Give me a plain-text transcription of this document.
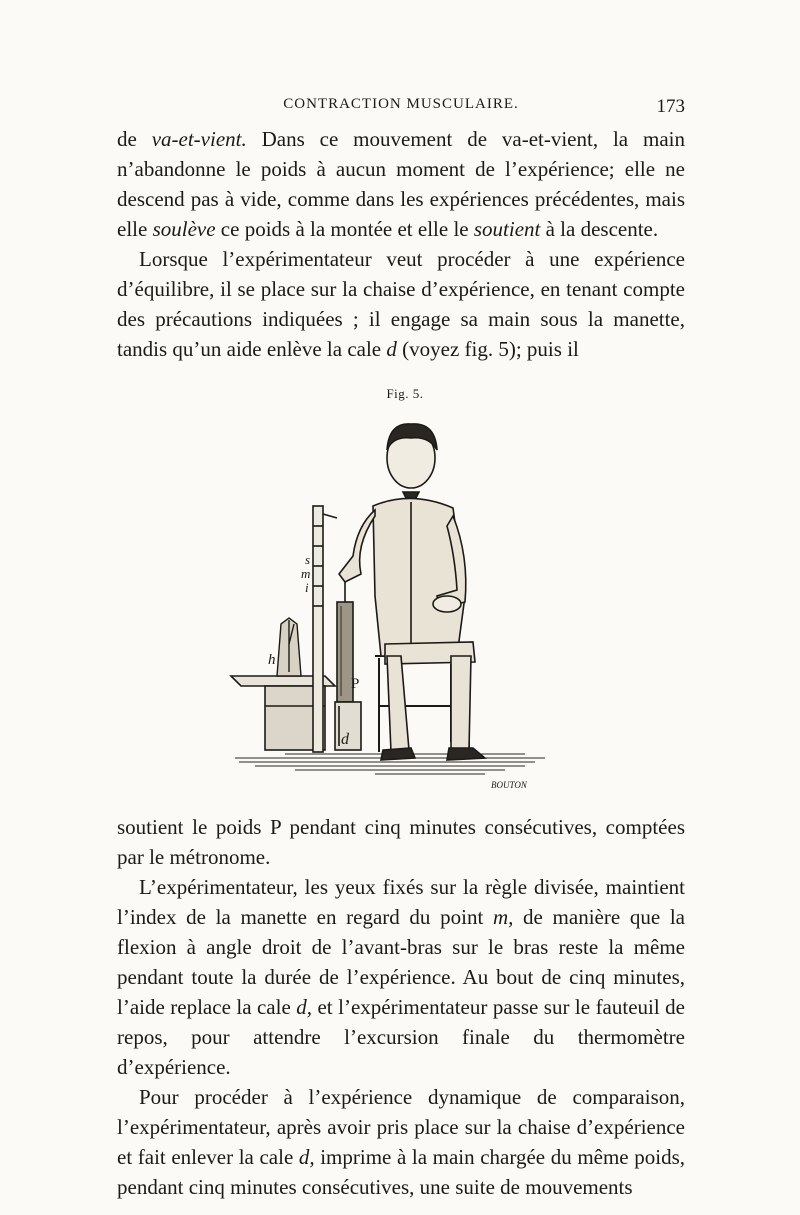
CONTRACTION MUSCULAIRE.	173

de va-et-vient. Dans ce mouvement de va-et-vient, la main n’abandonne le poids à aucun moment de l’expérience; elle ne descend pas à vide, comme dans les expériences précédentes, mais elle soulève ce poids à la montée et elle le soutient à la descente.

Lorsque l’expérimentateur veut procéder à une expérience d’équilibre, il se place sur la chaise d’expérience, en tenant compte des précautions indiquées ; il engage sa main sous la manette, tandis qu’un aide enlève la cale d (voyez fig. 5); puis il

Fig. 5.
s
m
i
h
P
d
BOUTON

soutient le poids P pendant cinq minutes consécutives, comptées par le métronome.

L’expérimentateur, les yeux fixés sur la règle divisée, maintient l’index de la manette en regard du point m, de manière que la flexion à angle droit de l’avant-bras sur le bras reste la même pendant toute la durée de l’expérience. Au bout de cinq minutes, l’aide replace la cale d, et l’expérimentateur passe sur le fauteuil de repos, pour attendre l’excursion finale du thermomètre d’expérience.

Pour procéder à l’expérience dynamique de comparaison, l’expérimentateur, après avoir pris place sur la chaise d’expérience et fait enlever la cale d, imprime à la main chargée du même poids, pendant cinq minutes consécutives, une suite de mouvements
